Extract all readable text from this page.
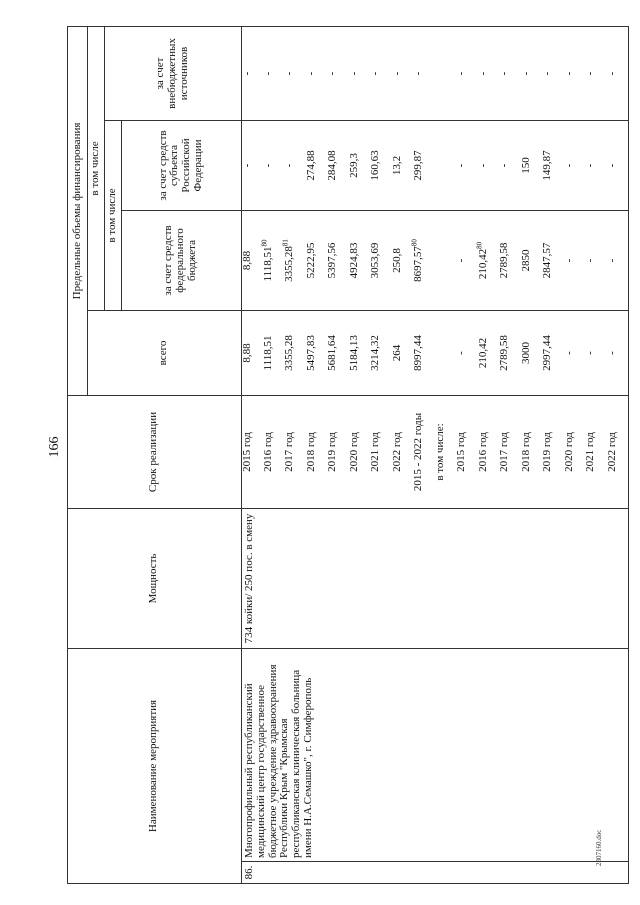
166
2807160.doc
Наименование мероприятия		Мощность	Срок реализации	Предельные объемы финансирования			
				всего	в том числе		
					в том числе		за счет внебюджетных источников
					за счет средств федерального бюджета	за счет средств субъекта Российской Федерации	
86.	Многопрофильный республиканский медицинский центр государственное бюджетное учреждение здравоохранения Республики Крым "Крымская республиканская клиническая больница имени Н.А.Семашко", г. Симферополь	734 койки/ 250 пос. в смену	2015 год	8,88	8,88	-	-
			2016 год	1118,51	1118,51$^{80}$	-	-
			2017 год	3355,28	3355,28$^{81}$	-	-
			2018 год	5497,83	5222,95	274,88	-
			2019 год	5681,64	5397,56	284,08	-
			2020 год	5184,13	4924,83	259,3	-
			2021 год	3214,32	3053,69	160,63	-
			2022 год	264	250,8	13,2	-
			2015 - 2022 годы	8997,44	8697,57$^{80}$	299,87	-
			в том числе:				
			2015 год	-	-	-	-
			2016 год	210,42	210,42$^{80}$	-	-
			2017 год	2789,58	2789,58	-	-
			2018 год	3000	2850	150	-
			2019 год	2997,44	2847,57	149,87	-
			2020 год	-	-	-	-
			2021 год	-	-	-	-
			2022 год	-	-	-	-
